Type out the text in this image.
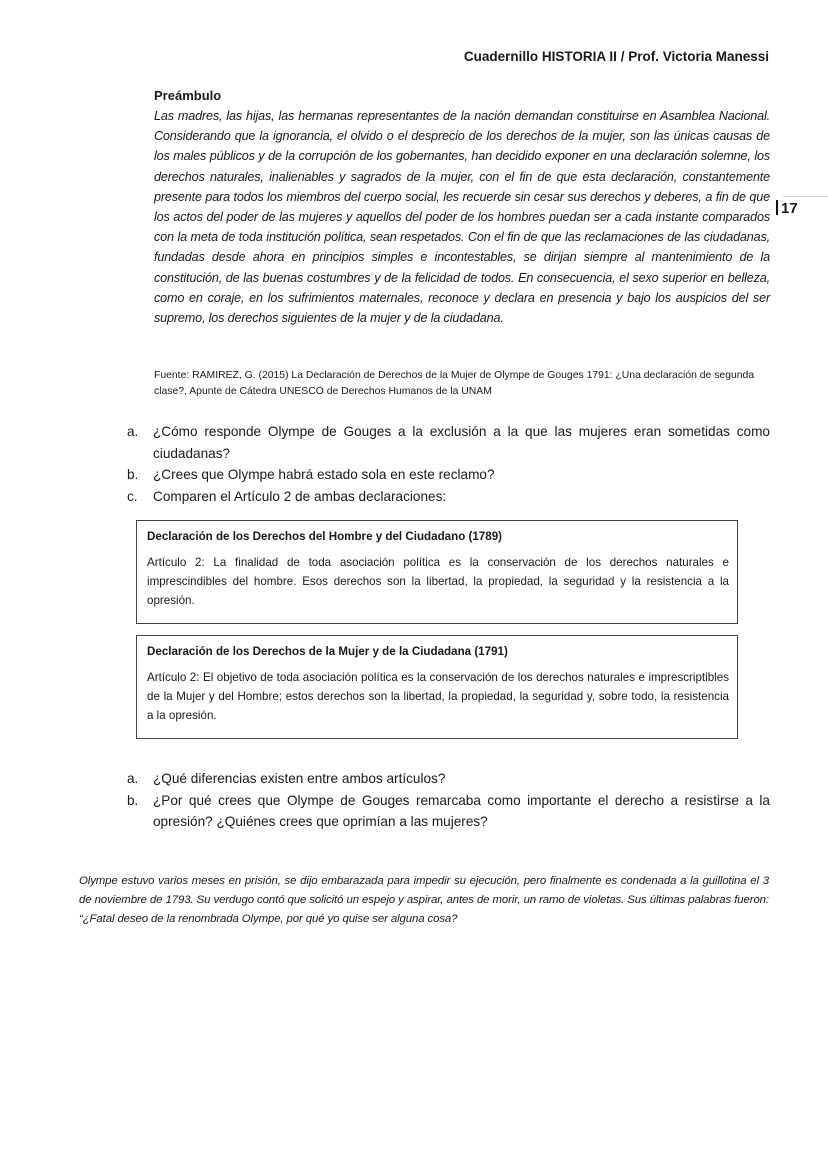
Cuadernillo HISTORIA II / Prof. Victoria Manessi
17
Preámbulo
Las madres, las hijas, las hermanas representantes de la nación demandan constituirse en Asamblea Nacional. Considerando que la ignorancia, el olvido o el desprecio de los derechos de la mujer, son las únicas causas de los males públicos y de la corrupción de los gobernantes, han decidido exponer en una declaración solemne, los derechos naturales, inalienables y sagrados de la mujer, con el fin de que esta declaración, constantemente presente para todos los miembros del cuerpo social, les recuerde sin cesar sus derechos y deberes, a fin de que los actos del poder de las mujeres y aquellos del poder de los hombres puedan ser a cada instante comparados con la meta de toda institución política, sean respetados. Con el fin de que las reclamaciones de las ciudadanas, fundadas desde ahora en principios simples e incontestables, se dirijan siempre al mantenimiento de la constitución, de las buenas costumbres y de la felicidad de todos. En consecuencia, el sexo superior en belleza, como en coraje, en los sufrimientos maternales, reconoce y declara en presencia y bajo los auspicios del ser supremo, los derechos siguientes de la mujer y de la ciudadana.
Fuente: RAMIREZ, G. (2015) La Declaración de Derechos de la Mujer de Olympe de Gouges 1791: ¿Una declaración de segunda clase?, Apunte de Cátedra UNESCO de Derechos Humanos de la UNAM
a.	¿Cómo responde Olympe de Gouges a la exclusión a la que las mujeres eran sometidas como ciudadanas?
b.	¿Crees que Olympe habrá estado sola en este reclamo?
c.	Comparen el Artículo 2 de ambas declaraciones:
Declaración de los Derechos del Hombre y del Ciudadano (1789)
Artículo 2: La finalidad de toda asociación política es la conservación de los derechos naturales e imprescindibles del hombre. Esos derechos son la libertad, la propiedad, la seguridad y la resistencia a la opresión.
Declaración de los Derechos de la Mujer y de la Ciudadana (1791)
Artículo 2: El objetivo de toda asociación política es la conservación de los derechos naturales e imprescriptibles de la Mujer y del Hombre; estos derechos son la libertad, la propiedad, la seguridad y, sobre todo, la resistencia a la opresión.
a.	¿Qué diferencias existen entre ambos artículos?
b.	¿Por qué crees que Olympe de Gouges remarcaba como importante el derecho a resistirse a la opresión? ¿Quiénes crees que oprimían a las mujeres?
Olympe estuvo varios meses en prisión, se dijo embarazada para impedir su ejecución, pero finalmente es condenada a la guillotina el 3 de noviembre de 1793. Su verdugo contó que solicitó un espejo y aspirar, antes de morir, un ramo de violetas. Sus últimas palabras fueron: “¿Fatal deseo de la renombrada Olympe, por qué yo quise ser alguna cosa?
